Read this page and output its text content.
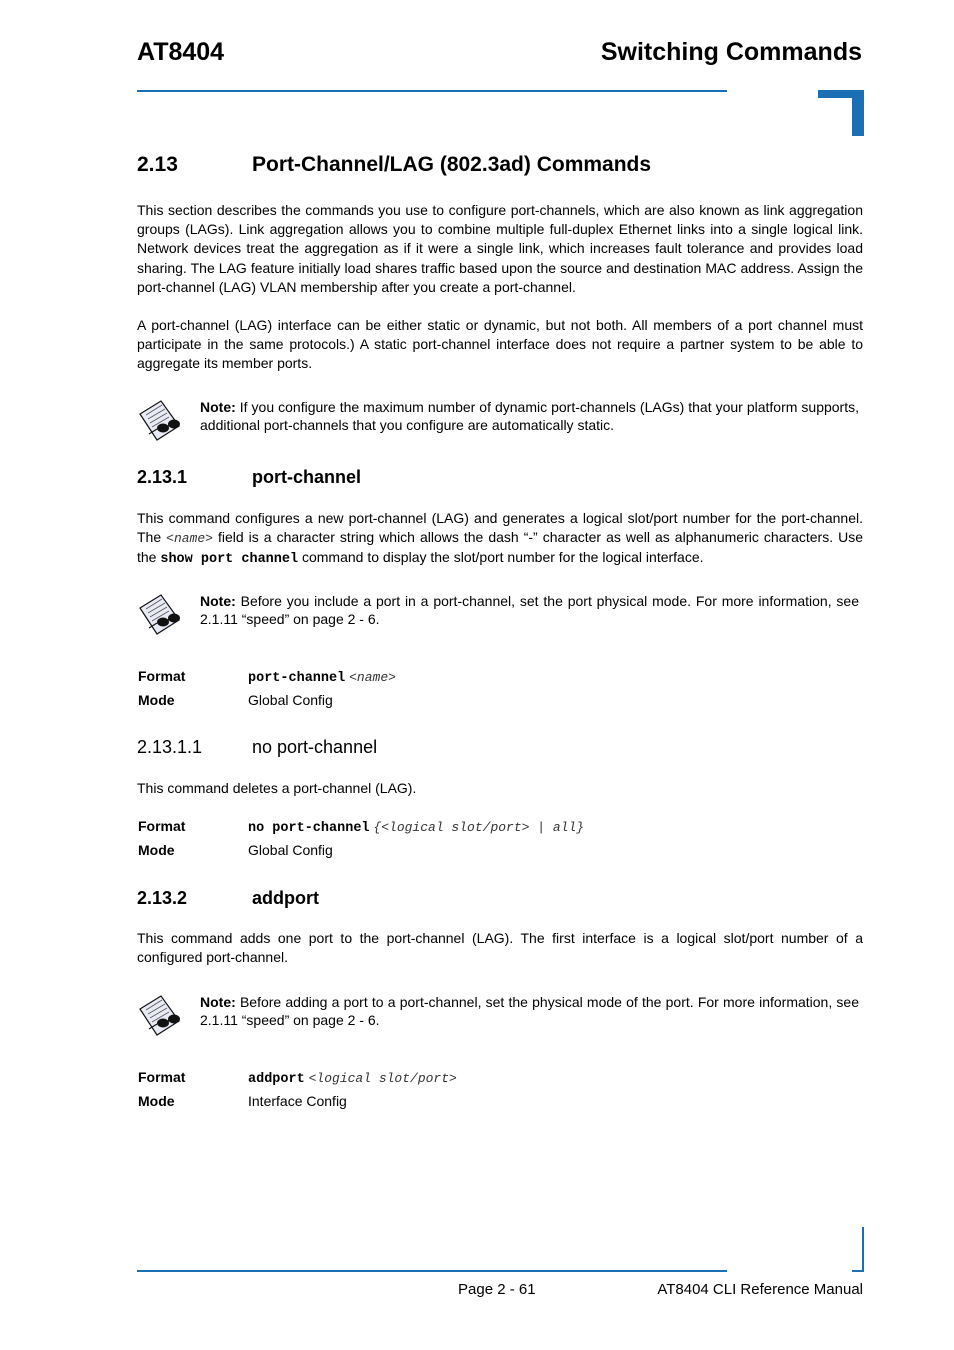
AT8404	Switching Commands
2.13	Port-Channel/LAG (802.3ad) Commands
This section describes the commands you use to configure port-channels, which are also known as link aggregation groups (LAGs). Link aggregation allows you to combine multiple full-duplex Ethernet links into a single logical link. Network devices treat the aggregation as if it were a single link, which increases fault tolerance and provides load sharing. The LAG feature initially load shares traffic based upon the source and destination MAC address. Assign the port-channel (LAG) VLAN membership after you create a port-channel.
A port-channel (LAG) interface can be either static or dynamic, but not both. All members of a port channel must participate in the same protocols.) A static port-channel interface does not require a partner system to be able to aggregate its member ports.
Note: If you configure the maximum number of dynamic port-channels (LAGs) that your platform supports, additional port-channels that you configure are automatically static.
2.13.1	port-channel
This command configures a new port-channel (LAG) and generates a logical slot/port number for the port-channel. The <name> field is a character string which allows the dash “-” character as well as alphanumeric characters. Use the show port channel command to display the slot/port number for the logical interface.
Note: Before you include a port in a port-channel, set the port physical mode. For more information, see 2.1.11 “speed” on page 2 - 6.
Format	port-channel <name>
Mode	Global Config
2.13.1.1	no port-channel
This command deletes a port-channel (LAG).
Format	no port-channel {<logical slot/port> | all}
Mode	Global Config
2.13.2	addport
This command adds one port to the port-channel (LAG). The first interface is a logical slot/port number of a configured port-channel.
Note: Before adding a port to a port-channel, set the physical mode of the port. For more information, see 2.1.11 “speed” on page 2 - 6.
Format	addport <logical slot/port>
Mode	Interface Config
Page 2 - 61	AT8404 CLI Reference Manual
